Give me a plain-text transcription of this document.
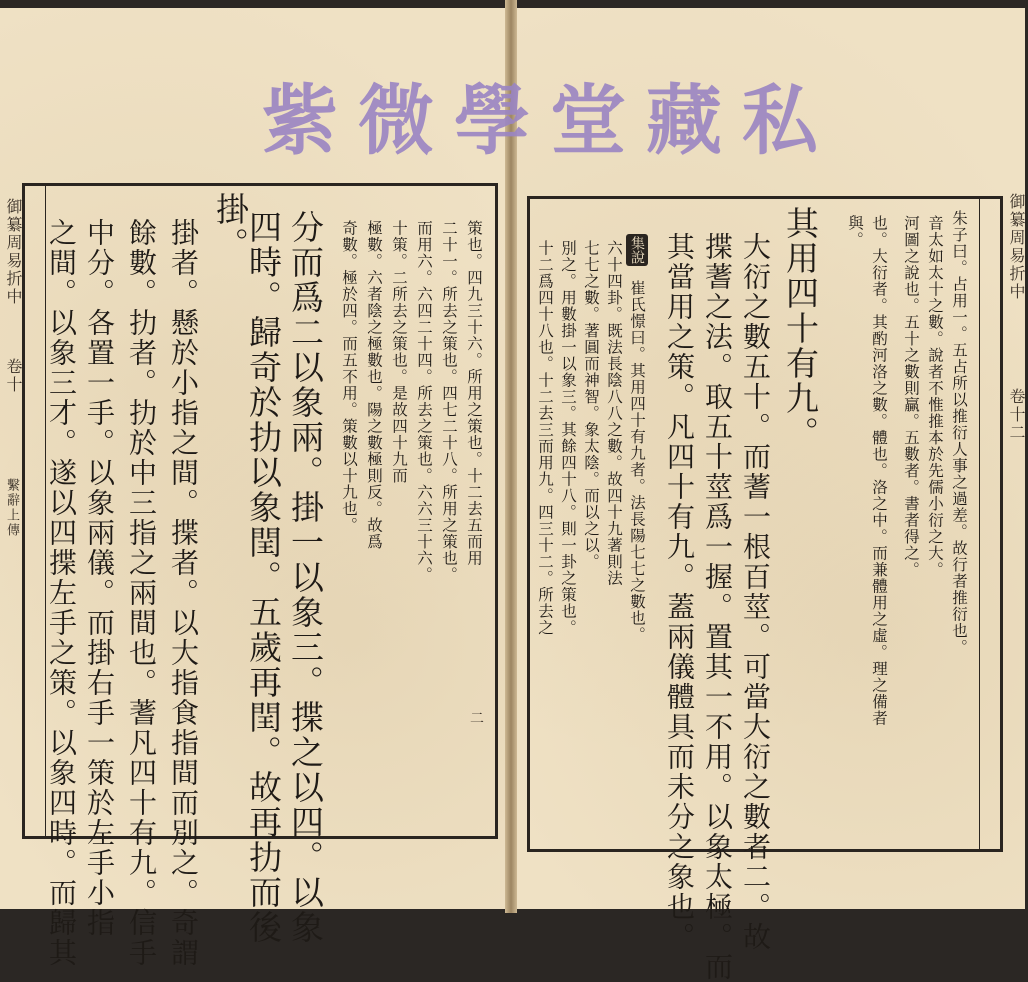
御纂周易折中
卷十
繫辭上傳
二
御纂周易折中
卷十二
紫微學堂藏私
掛。 分而爲二以象兩。掛一以象三。揲之以四。以象
四時。歸奇於扐以象閏。五歲再閏。故再扐而後	策也。四九三十六。所用之策也。十二去五而用
二十一。所去之策也。四七二十八。所用之策也。
而用六。六四二十四。所去之策也。六六三十六。
十策。二所去之策也。是故四十九而
極數。六者陰之極數也。陽之數極則反。故爲
奇數。極於四。而五不用。策數以十九也。
掛者。懸於小指之間。揲者。以大指食指間而別之。奇謂
餘數。扐者。扐於中三指之兩間也。蓍凡四十有九。信手
中分。各置一手。以象兩儀。而掛右手一策於左手小指
之間。以象三才。遂以四揲左手之策。以象四時。而歸其	其用四十有九。
大衍之數五十。而蓍一根百莖。可當大衍之數者二。故
揲蓍之法。取五十莖爲一握。置其一不用。以象太極。而
其當用之策。凡四十有九。蓋兩儀體具而未分之象也。
集說
崔氏憬曰。其用四十有九者。法長陽七七之數也。
六十四卦。既法長陰八八之數。故四十九著則法
七七之數。著圓而神智。象太陰。而以之以。
別之。用數掛一以象三。其餘四十八。則一卦之策也。
十二爲四十八也。十二去三而用九。四三十二。所去之	朱子曰。占用一。五占所以推衍人事之過差。故行者推衍也。
音太如太十之數。說者不惟推本於先儒小衍之大。
河圖之說也。五十之數則贏。五數者。書者得之。
也。大衍者。其酌河洛之數。體也。洛之中。而兼體用之虛。理之備者
與。
